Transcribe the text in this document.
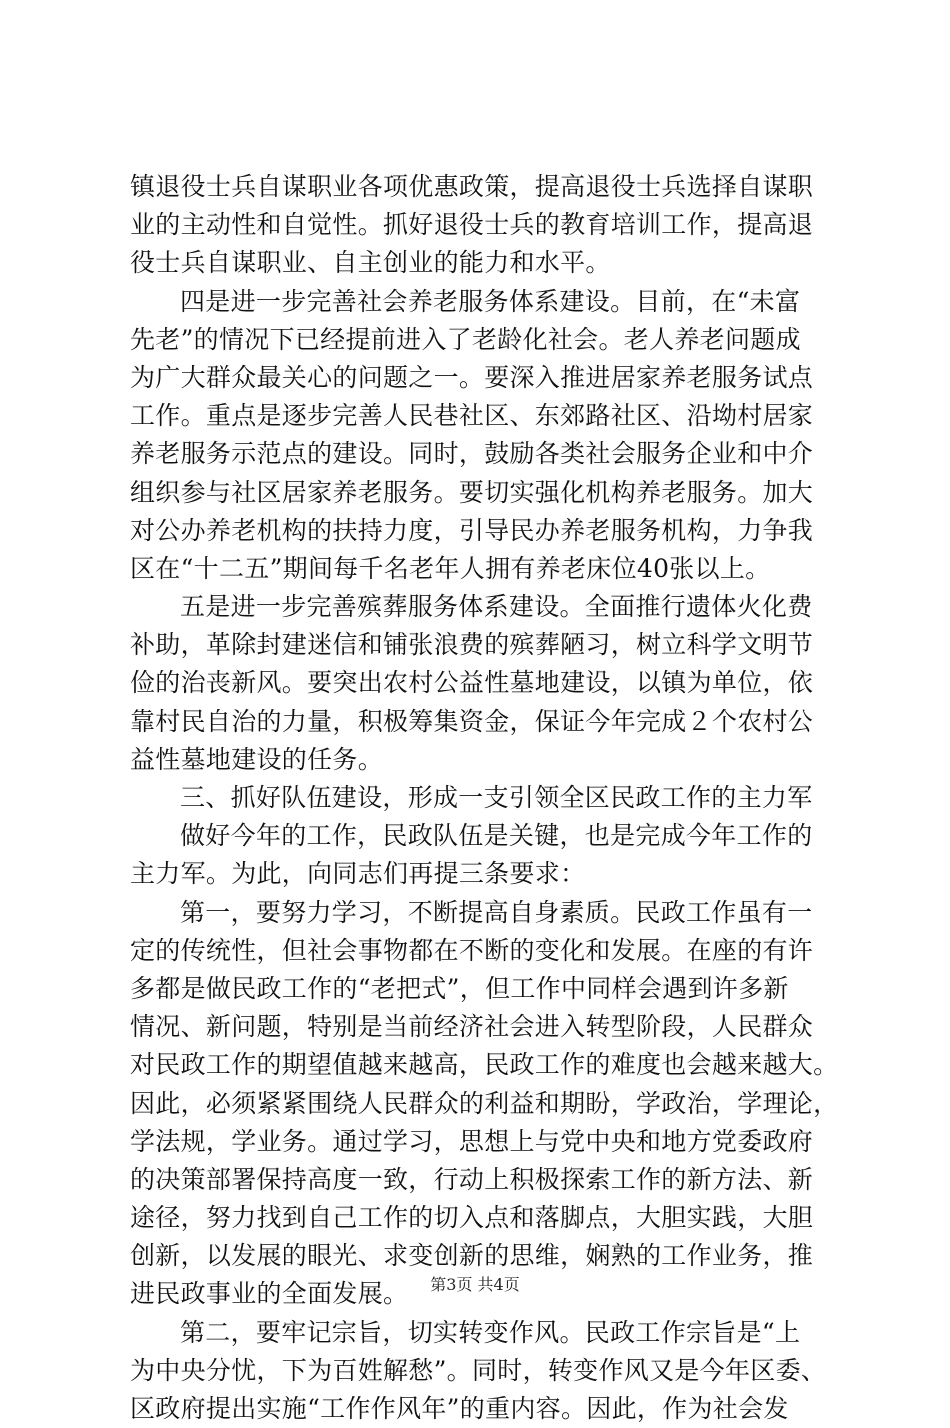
镇退役士兵自谋职业各项优惠政策，提高退役士兵选择自谋职
业的主动性和自觉性。抓好退役士兵的教育培训工作，提高退
役士兵自谋职业、自主创业的能力和水平。
四是进一步完善社会养老服务体系建设。目前，在“未富
先老”的情况下已经提前进入了老龄化社会。老人养老问题成
为广大群众最关心的问题之一。要深入推进居家养老服务试点
工作。重点是逐步完善人民巷社区、东郊路社区、沿坳村居家
养老服务示范点的建设。同时，鼓励各类社会服务企业和中介
组织参与社区居家养老服务。要切实强化机构养老服务。加大
对公办养老机构的扶持力度，引导民办养老服务机构，力争我
区在“十二五”期间每千名老年人拥有养老床位40张以上。
五是进一步完善殡葬服务体系建设。全面推行遗体火化费
补助，革除封建迷信和铺张浪费的殡葬陋习，树立科学文明节
俭的治丧新风。要突出农村公益性墓地建设，以镇为单位，依
靠村民自治的力量，积极筹集资金，保证今年完成２个农村公
益性墓地建设的任务。
三、抓好队伍建设，形成一支引领全区民政工作的主力军
做好今年的工作，民政队伍是关键，也是完成今年工作的
主力军。为此，向同志们再提三条要求：
第一，要努力学习，不断提高自身素质。民政工作虽有一
定的传统性，但社会事物都在不断的变化和发展。在座的有许
多都是做民政工作的“老把式”，但工作中同样会遇到许多新
情况、新问题，特别是当前经济社会进入转型阶段，人民群众
对民政工作的期望值越来越高，民政工作的难度也会越来越大。
因此，必须紧紧围绕人民群众的利益和期盼，学政治，学理论，
学法规，学业务。通过学习，思想上与党中央和地方党委政府
的决策部署保持高度一致，行动上积极探索工作的新方法、新
途径，努力找到自己工作的切入点和落脚点，大胆实践，大胆
创新，以发展的眼光、求变创新的思维，娴熟的工作业务，推
进民政事业的全面发展。
第二，要牢记宗旨，切实转变作风。民政工作宗旨是“上
为中央分忧，下为百姓解愁”。同时，转变作风又是今年区委、
区政府提出实施“工作作风年”的重内容。因此，作为社会发
第3页 共4页
